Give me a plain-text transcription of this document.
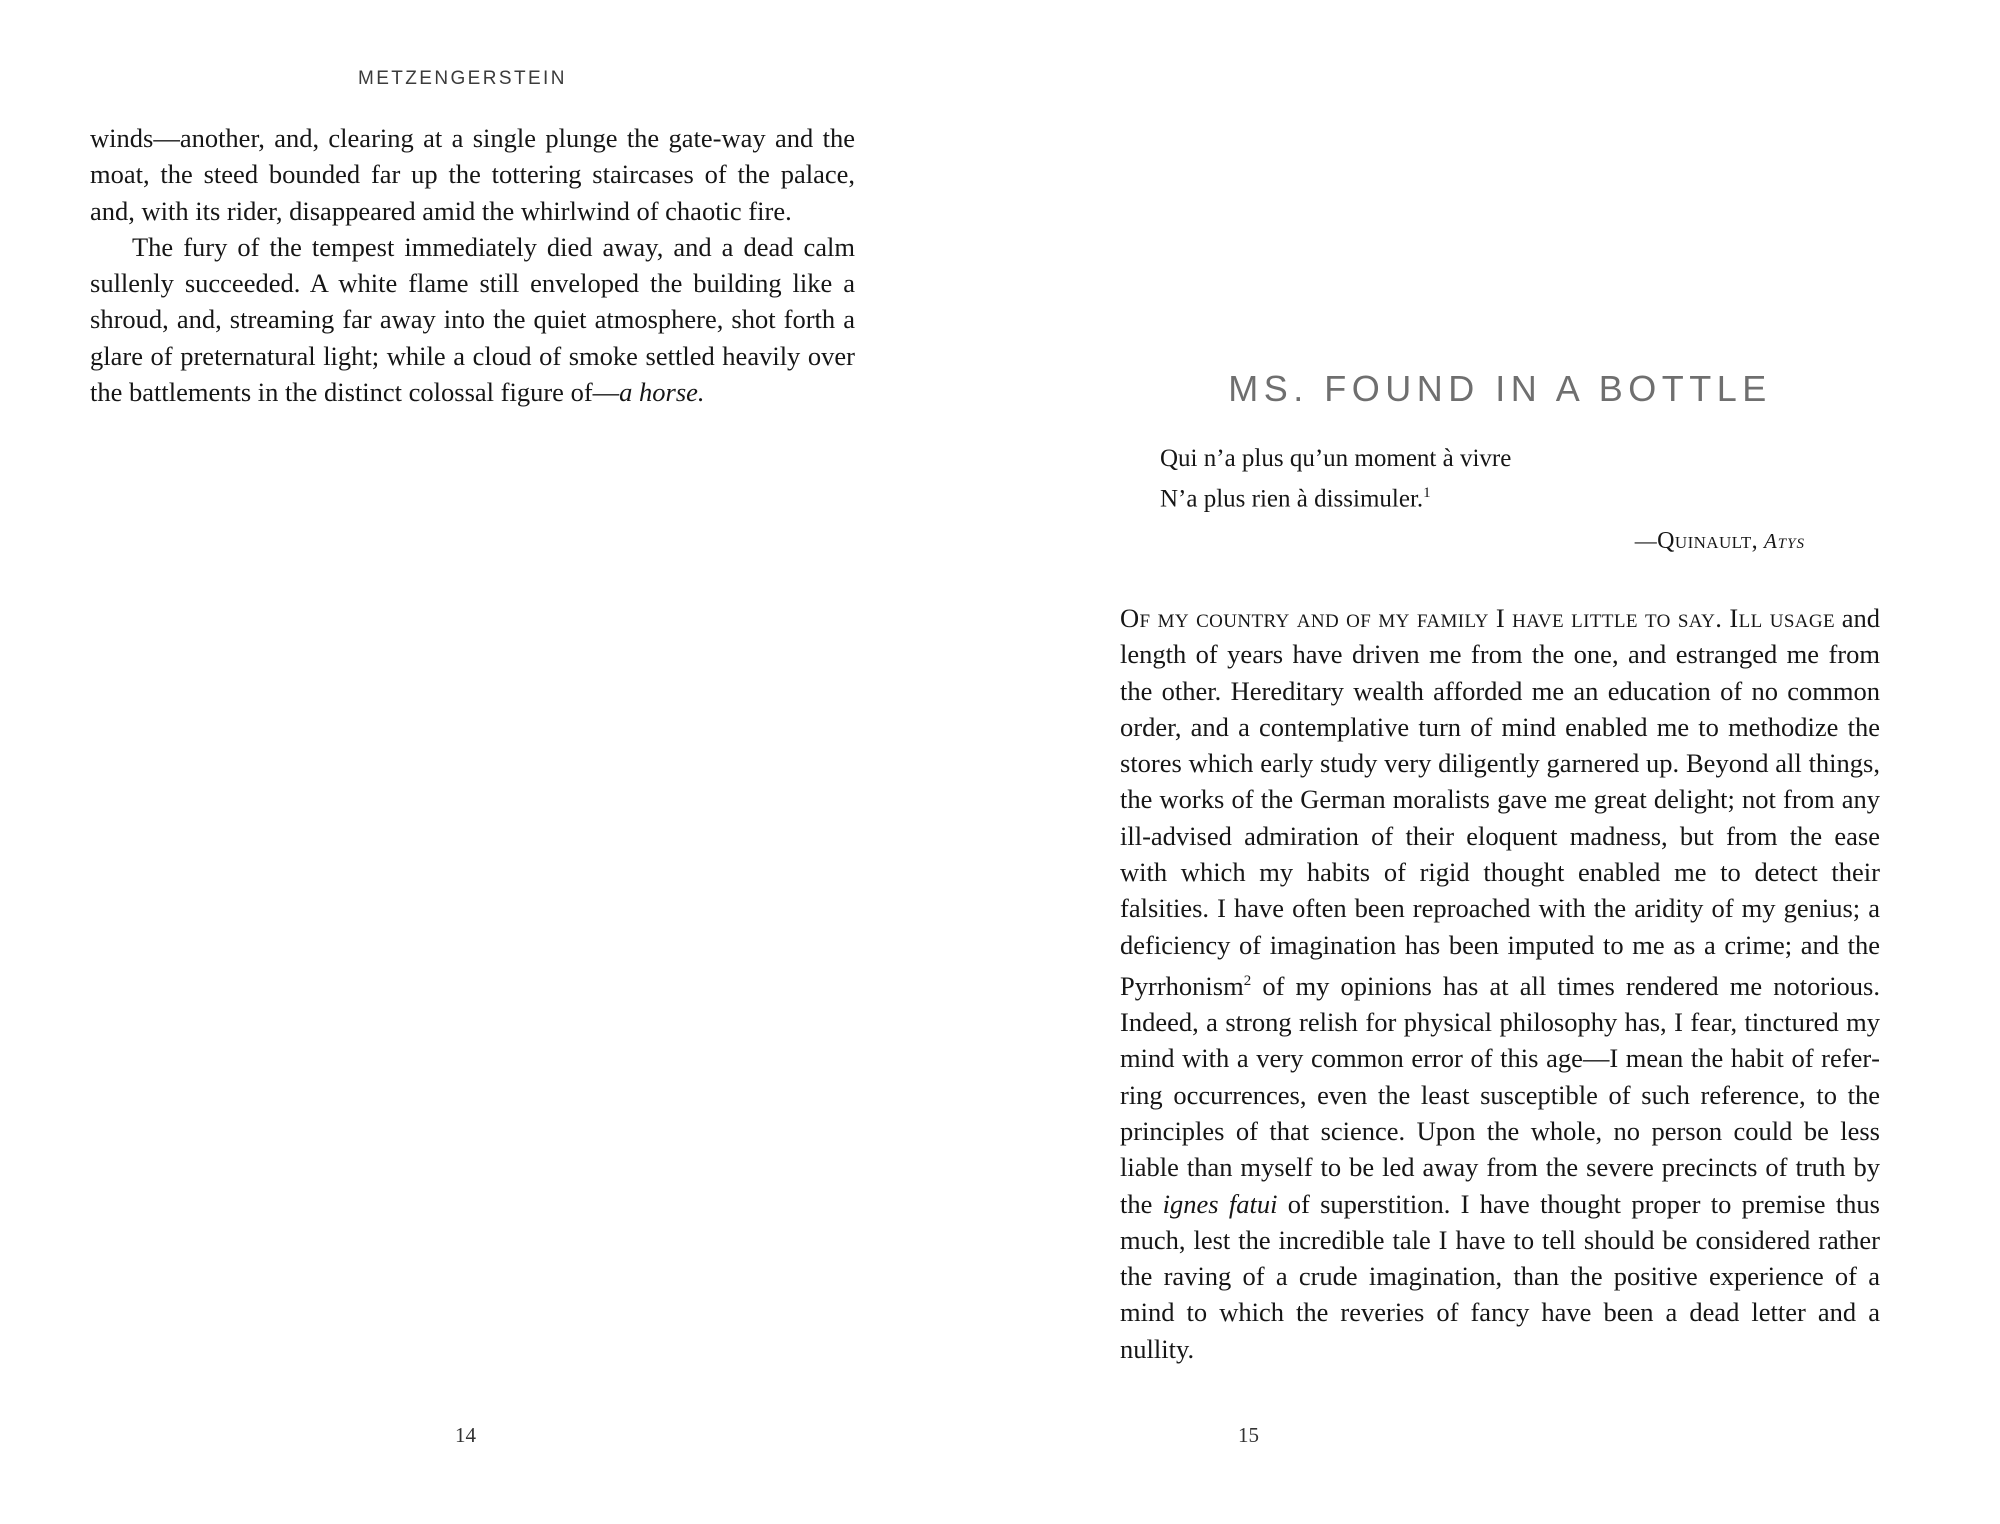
METZENGERSTEIN

winds—another, and, clearing at a single plunge the gate-way and the moat, the steed bounded far up the tottering staircases of the palace, and, with its rider, disappeared amid the whirlwind of chaotic fire.

The fury of the tempest immediately died away, and a dead calm sullenly succeeded. A white flame still enveloped the building like a shroud, and, streaming far away into the quiet atmosphere, shot forth a glare of preternatural light; while a cloud of smoke settled heavily over the battlements in the distinct colossal figure of—a horse.

14
MS. FOUND IN A BOTTLE
Qui n’a plus qu’un moment à vivre
N’a plus rien à dissimuler.$^1$
—Quinault, Atys

Of my country and of my family I have little to say. Ill usage and length of years have driven me from the one, and estranged me from the other. Hereditary wealth afforded me an education of no common order, and a contemplative turn of mind enabled me to methodize the stores which early study very diligently garnered up. Beyond all things, the works of the German moralists gave me great delight; not from any ill-advised admiration of their eloquent madness, but from the ease with which my habits of rigid thought enabled me to detect their falsities. I have often been reproached with the aridity of my genius; a deficiency of imagination has been imputed to me as a crime; and the Pyrrhonism$^2$ of my opinions has at all times rendered me notorious. Indeed, a strong relish for physical philosophy has, I fear, tinctured my mind with a very common error of this age—I mean the habit of referring occurrences, even the least susceptible of such reference, to the principles of that science. Upon the whole, no person could be less liable than myself to be led away from the severe precincts of truth by the ignes fatui of superstition. I have thought proper to premise thus much, lest the incredible tale I have to tell should be considered rather the raving of a crude imagination, than the positive experience of a mind to which the reveries of fancy have been a dead letter and a nullity.

15
